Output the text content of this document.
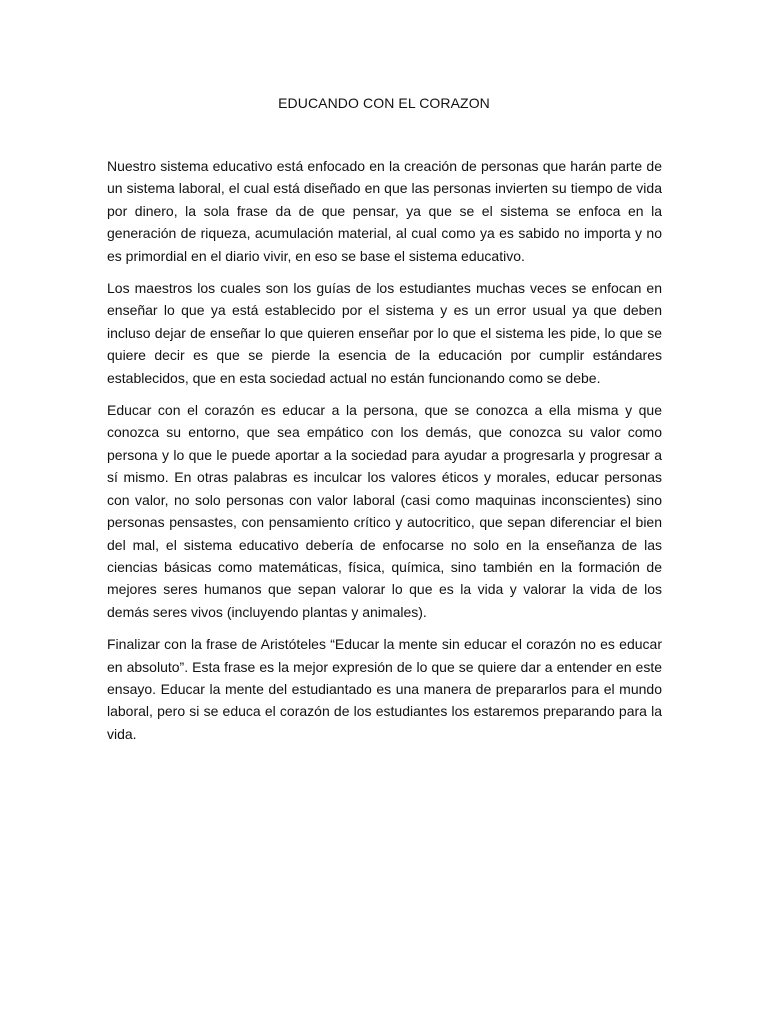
EDUCANDO CON EL CORAZON

Nuestro sistema educativo está enfocado en la creación de personas que harán parte de un sistema laboral, el cual está diseñado en que las personas invierten su tiempo de vida por dinero, la sola frase da de que pensar, ya que se el sistema se enfoca en la generación de riqueza, acumulación material, al cual como ya es sabido no importa y no es primordial en el diario vivir, en eso se base el sistema educativo.

Los maestros los cuales son los guías de los estudiantes muchas veces se enfocan en enseñar lo que ya está establecido por el sistema y es un error usual ya que deben incluso dejar de enseñar lo que quieren enseñar por lo que el sistema les pide, lo que se quiere decir es que se pierde la esencia de la educación por cumplir estándares establecidos, que en esta sociedad actual no están funcionando como se debe.

Educar con el corazón es educar a la persona, que se conozca a ella misma y que conozca su entorno, que sea empático con los demás, que conozca su valor como persona y lo que le puede aportar a la sociedad para ayudar a progresarla y progresar a sí mismo. En otras palabras es inculcar los valores éticos y morales, educar personas con valor, no solo personas con valor laboral (casi como maquinas inconscientes) sino personas pensastes, con pensamiento crítico y autocritico, que sepan diferenciar el bien del mal, el sistema educativo debería de enfocarse no solo en la enseñanza de las ciencias básicas como matemáticas, física, química, sino también en la formación de mejores seres humanos que sepan valorar lo que es la vida y valorar la vida de los demás seres vivos (incluyendo plantas y animales).

Finalizar con la frase de Aristóteles “Educar la mente sin educar el corazón no es educar en absoluto”. Esta frase es la mejor expresión de lo que se quiere dar a entender en este ensayo. Educar la mente del estudiantado es una manera de prepararlos para el mundo laboral, pero si se educa el corazón de los estudiantes los estaremos preparando para la vida.
